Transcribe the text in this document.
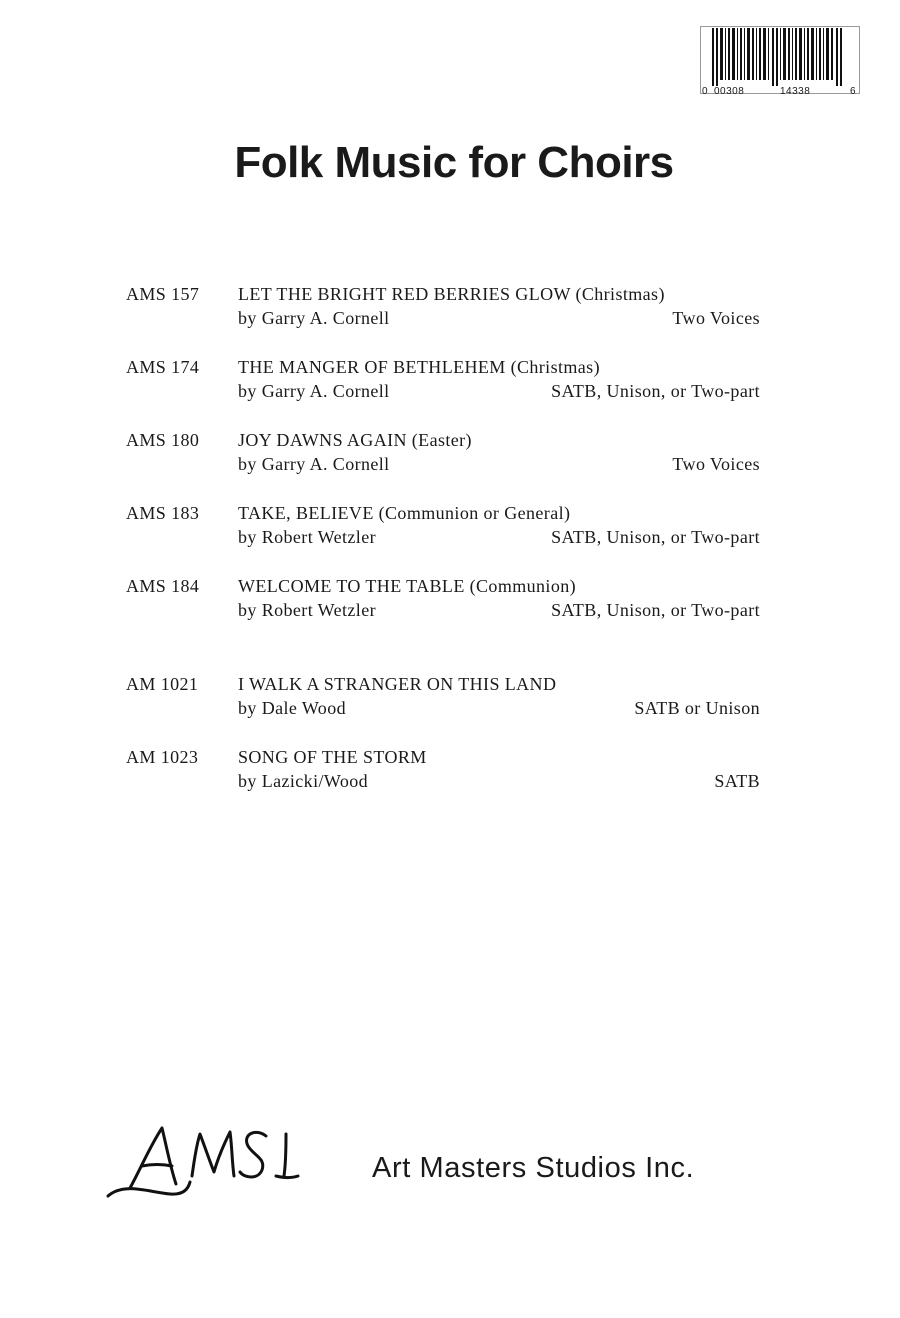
0 00308	14338	6
Folk Music for Choirs
AMS 157 LET THE BRIGHT RED BERRIES GLOW (Christmas)
by Garry A. Cornell	Two Voices
AMS 174 THE MANGER OF BETHLEHEM (Christmas)
by Garry A. Cornell	SATB, Unison, or Two-part
AMS 180 JOY DAWNS AGAIN (Easter)
by Garry A. Cornell	Two Voices
AMS 183 TAKE, BELIEVE (Communion or General)
by Robert Wetzler	SATB, Unison, or Two-part
AMS 184 WELCOME TO THE TABLE (Communion)
by Robert Wetzler	SATB, Unison, or Two-part
AM 1021 I WALK A STRANGER ON THIS LAND
by Dale Wood	SATB or Unison
AM 1023 SONG OF THE STORM
by Lazicki/Wood	SATB
Art Masters Studios Inc.
